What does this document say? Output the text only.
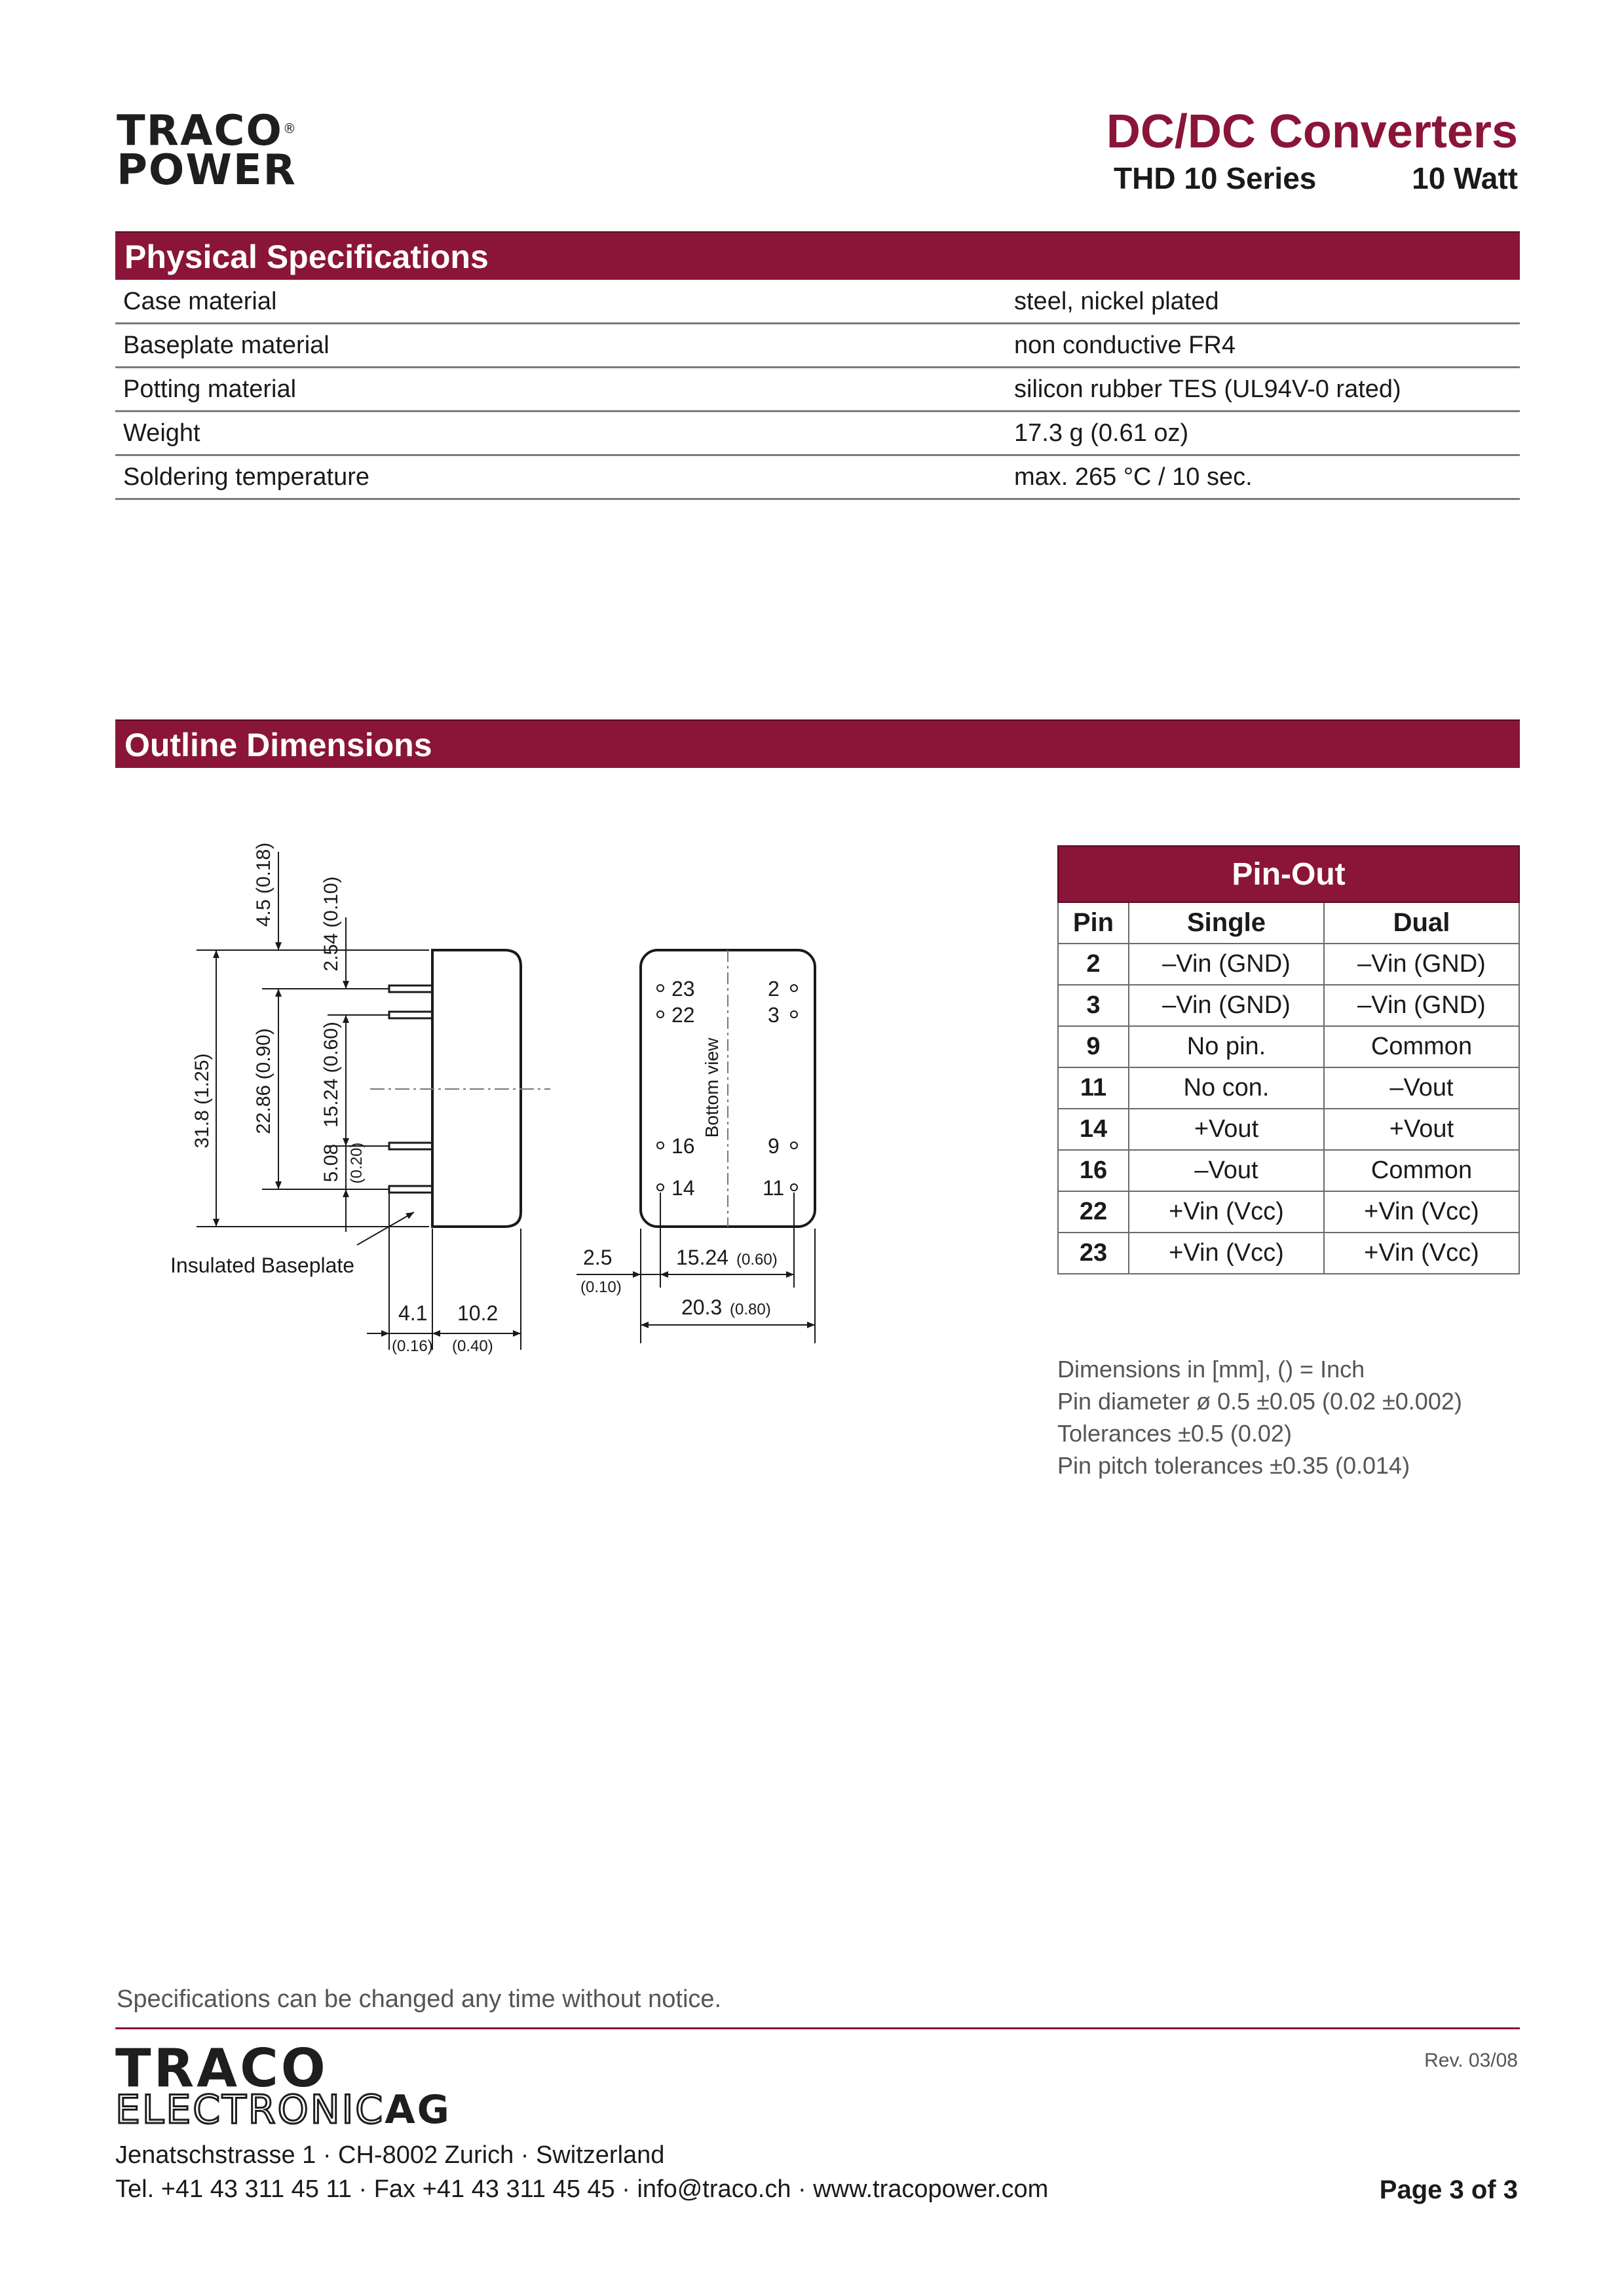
TRACO®
POWER
DC/DC Converters
THD 10 Series	10 Watt
Physical Specifications
Case material	steel, nickel plated
Baseplate material	non conductive FR4
Potting material	silicon rubber TES (UL94V-0 rated)
Weight	17.3 g (0.61 oz)
Soldering temperature	max. 265 °C / 10 sec.
Outline Dimensions
31.8 (1.25)
4.5 (0.18)
22.86 (0.90)
2.54 (0.10)
15.24 (0.60)
5.08 (0.20)
Insulated Baseplate
4.1
(0.16)
10.2
(0.40)
23
22
16
14
2
3
9
11
Bottom view
2.5
(0.10)
15.24 (0.60)
20.3 (0.80)
Pin-Out		
Pin	Single	Dual
2	–Vin (GND)	–Vin (GND)
3	–Vin (GND)	–Vin (GND)
9	No pin.	Common
11	No con.	–Vout
14	+Vout	+Vout
16	–Vout	Common
22	+Vin (Vcc)	+Vin (Vcc)
23	+Vin (Vcc)	+Vin (Vcc)
Dimensions in [mm], () = Inch
Pin diameter ø 0.5 ±0.05 (0.02 ±0.002)
Tolerances ±0.5 (0.02)
Pin pitch tolerances ±0.35 (0.014)
Specifications can be changed any time without notice.
Rev. 03/08
TRACO
ELECTRONICAG
Jenatschstrasse 1 · CH-8002 Zurich · Switzerland
Tel. +41 43 311 45 11 · Fax +41 43 311 45 45 · info@traco.ch · www.tracopower.com	Page 3 of 3
